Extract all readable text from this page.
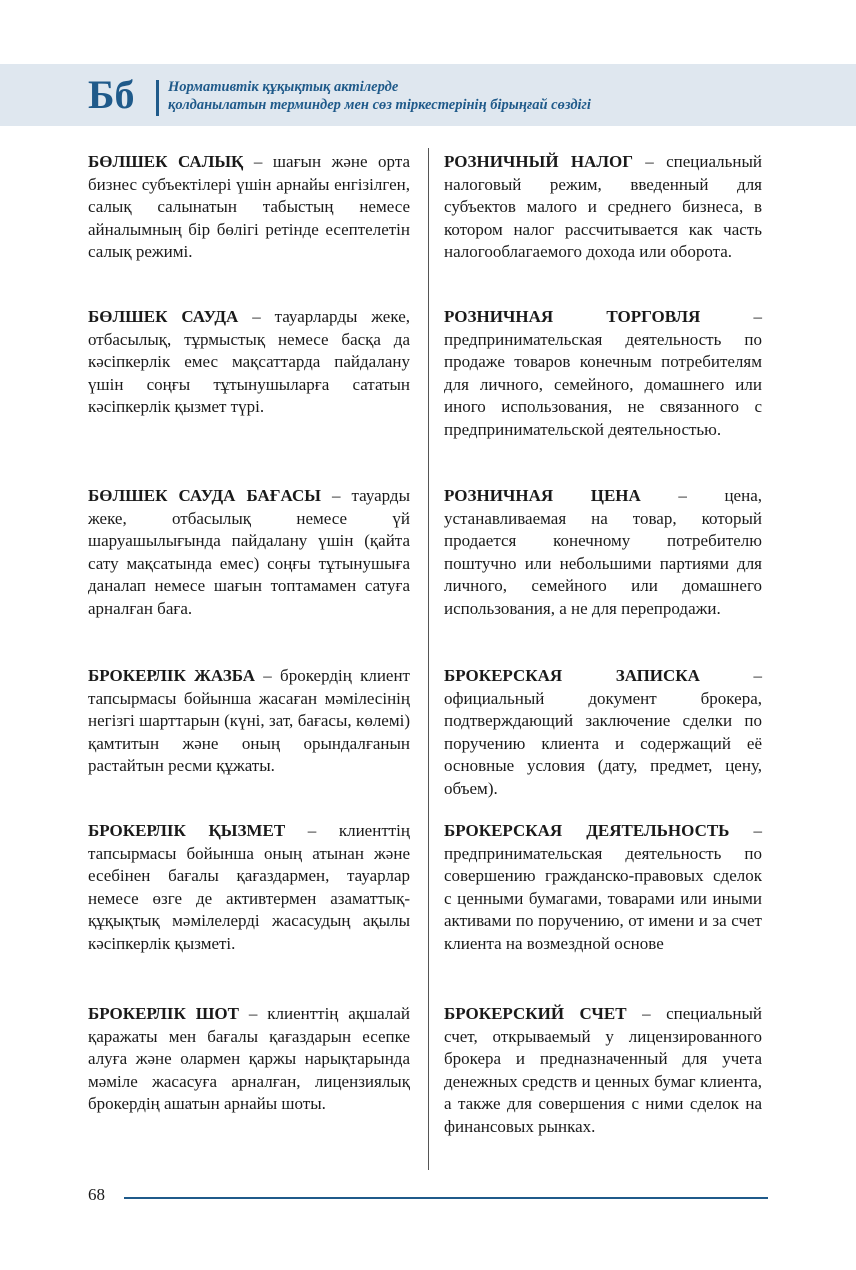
Бб Нормативтік құқықтық актілерде
қолданылатын терминдер мен сөз тіркестерінің бірыңғай сөздігі
БӨЛШЕК САЛЫҚ – шағын және орта бизнес субъектілері үшін арнайы енгізілген, салық салынатын табыстың немесе айналымның бір бөлігі ретінде есептелетін салық режимі.
РОЗНИЧНЫЙ НАЛОГ – специальный налоговый режим, введенный для субъектов малого и среднего бизнеса, в котором налог рассчитывается как часть налогооблагаемого дохода или оборота.
БӨЛШЕК САУДА – тауарларды жеке, отбасылық, тұрмыстық немесе басқа да кәсіпкерлік емес мақсаттарда пайдалану үшін соңғы тұтынушыларға сататын кәсіпкерлік қызмет түрі.
РОЗНИЧНАЯ ТОРГОВЛЯ – предпринимательская деятельность по продаже товаров конечным потребителям для личного, семейного, домашнего или иного использования, не связанного с предпринимательской деятельностью.
БӨЛШЕК САУДА БАҒАСЫ – тауарды жеке, отбасылық немесе үй шаруашылығында пайдалану үшін (қайта сату мақсатында емес) соңғы тұтынушыға даналап немесе шағын топтамамен сатуға арналған баға.
РОЗНИЧНАЯ ЦЕНА – цена, устанавливаемая на товар, который продается конечному потребителю поштучно или небольшими партиями для личного, семейного или домашнего использования, а не для перепродажи.
БРОКЕРЛІК ЖАЗБА – брокердің клиент тапсырмасы бойынша жасаған мәмілесінің негізгі шарттарын (күні, зат, бағасы, көлемі) қамтитын және оның орындалғанын растайтын ресми құжаты.
БРОКЕРСКАЯ ЗАПИСКА – официальный документ брокера, подтверждающий заключение сделки по поручению клиента и содержащий её основные условия (дату, предмет, цену, объем).
БРОКЕРЛІК ҚЫЗМЕТ – клиенттің тапсырмасы бойынша оның атынан және есебінен бағалы қағаздармен, тауарлар немесе өзге де активтермен азаматтық-құқықтық мәмілелерді жасасудың ақылы кәсіпкерлік қызметі.
БРОКЕРСКАЯ ДЕЯТЕЛЬНОСТЬ – предпринимательская деятельность по совершению гражданско-правовых сделок с ценными бумагами, товарами или иными активами по поручению, от имени и за счет клиента на возмездной основе
БРОКЕРЛІК ШОТ – клиенттің ақшалай қаражаты мен бағалы қағаздарын есепке алуға және олармен қаржы нарықтарында мәміле жасасуға арналған, лицензиялық брокердің ашатын арнайы шоты.
БРОКЕРСКИЙ СЧЕТ – специальный счет, открываемый у лицензированного брокера и предназначенный для учета денежных средств и ценных бумаг клиента, а также для совершения с ними сделок на финансовых рынках.
68
